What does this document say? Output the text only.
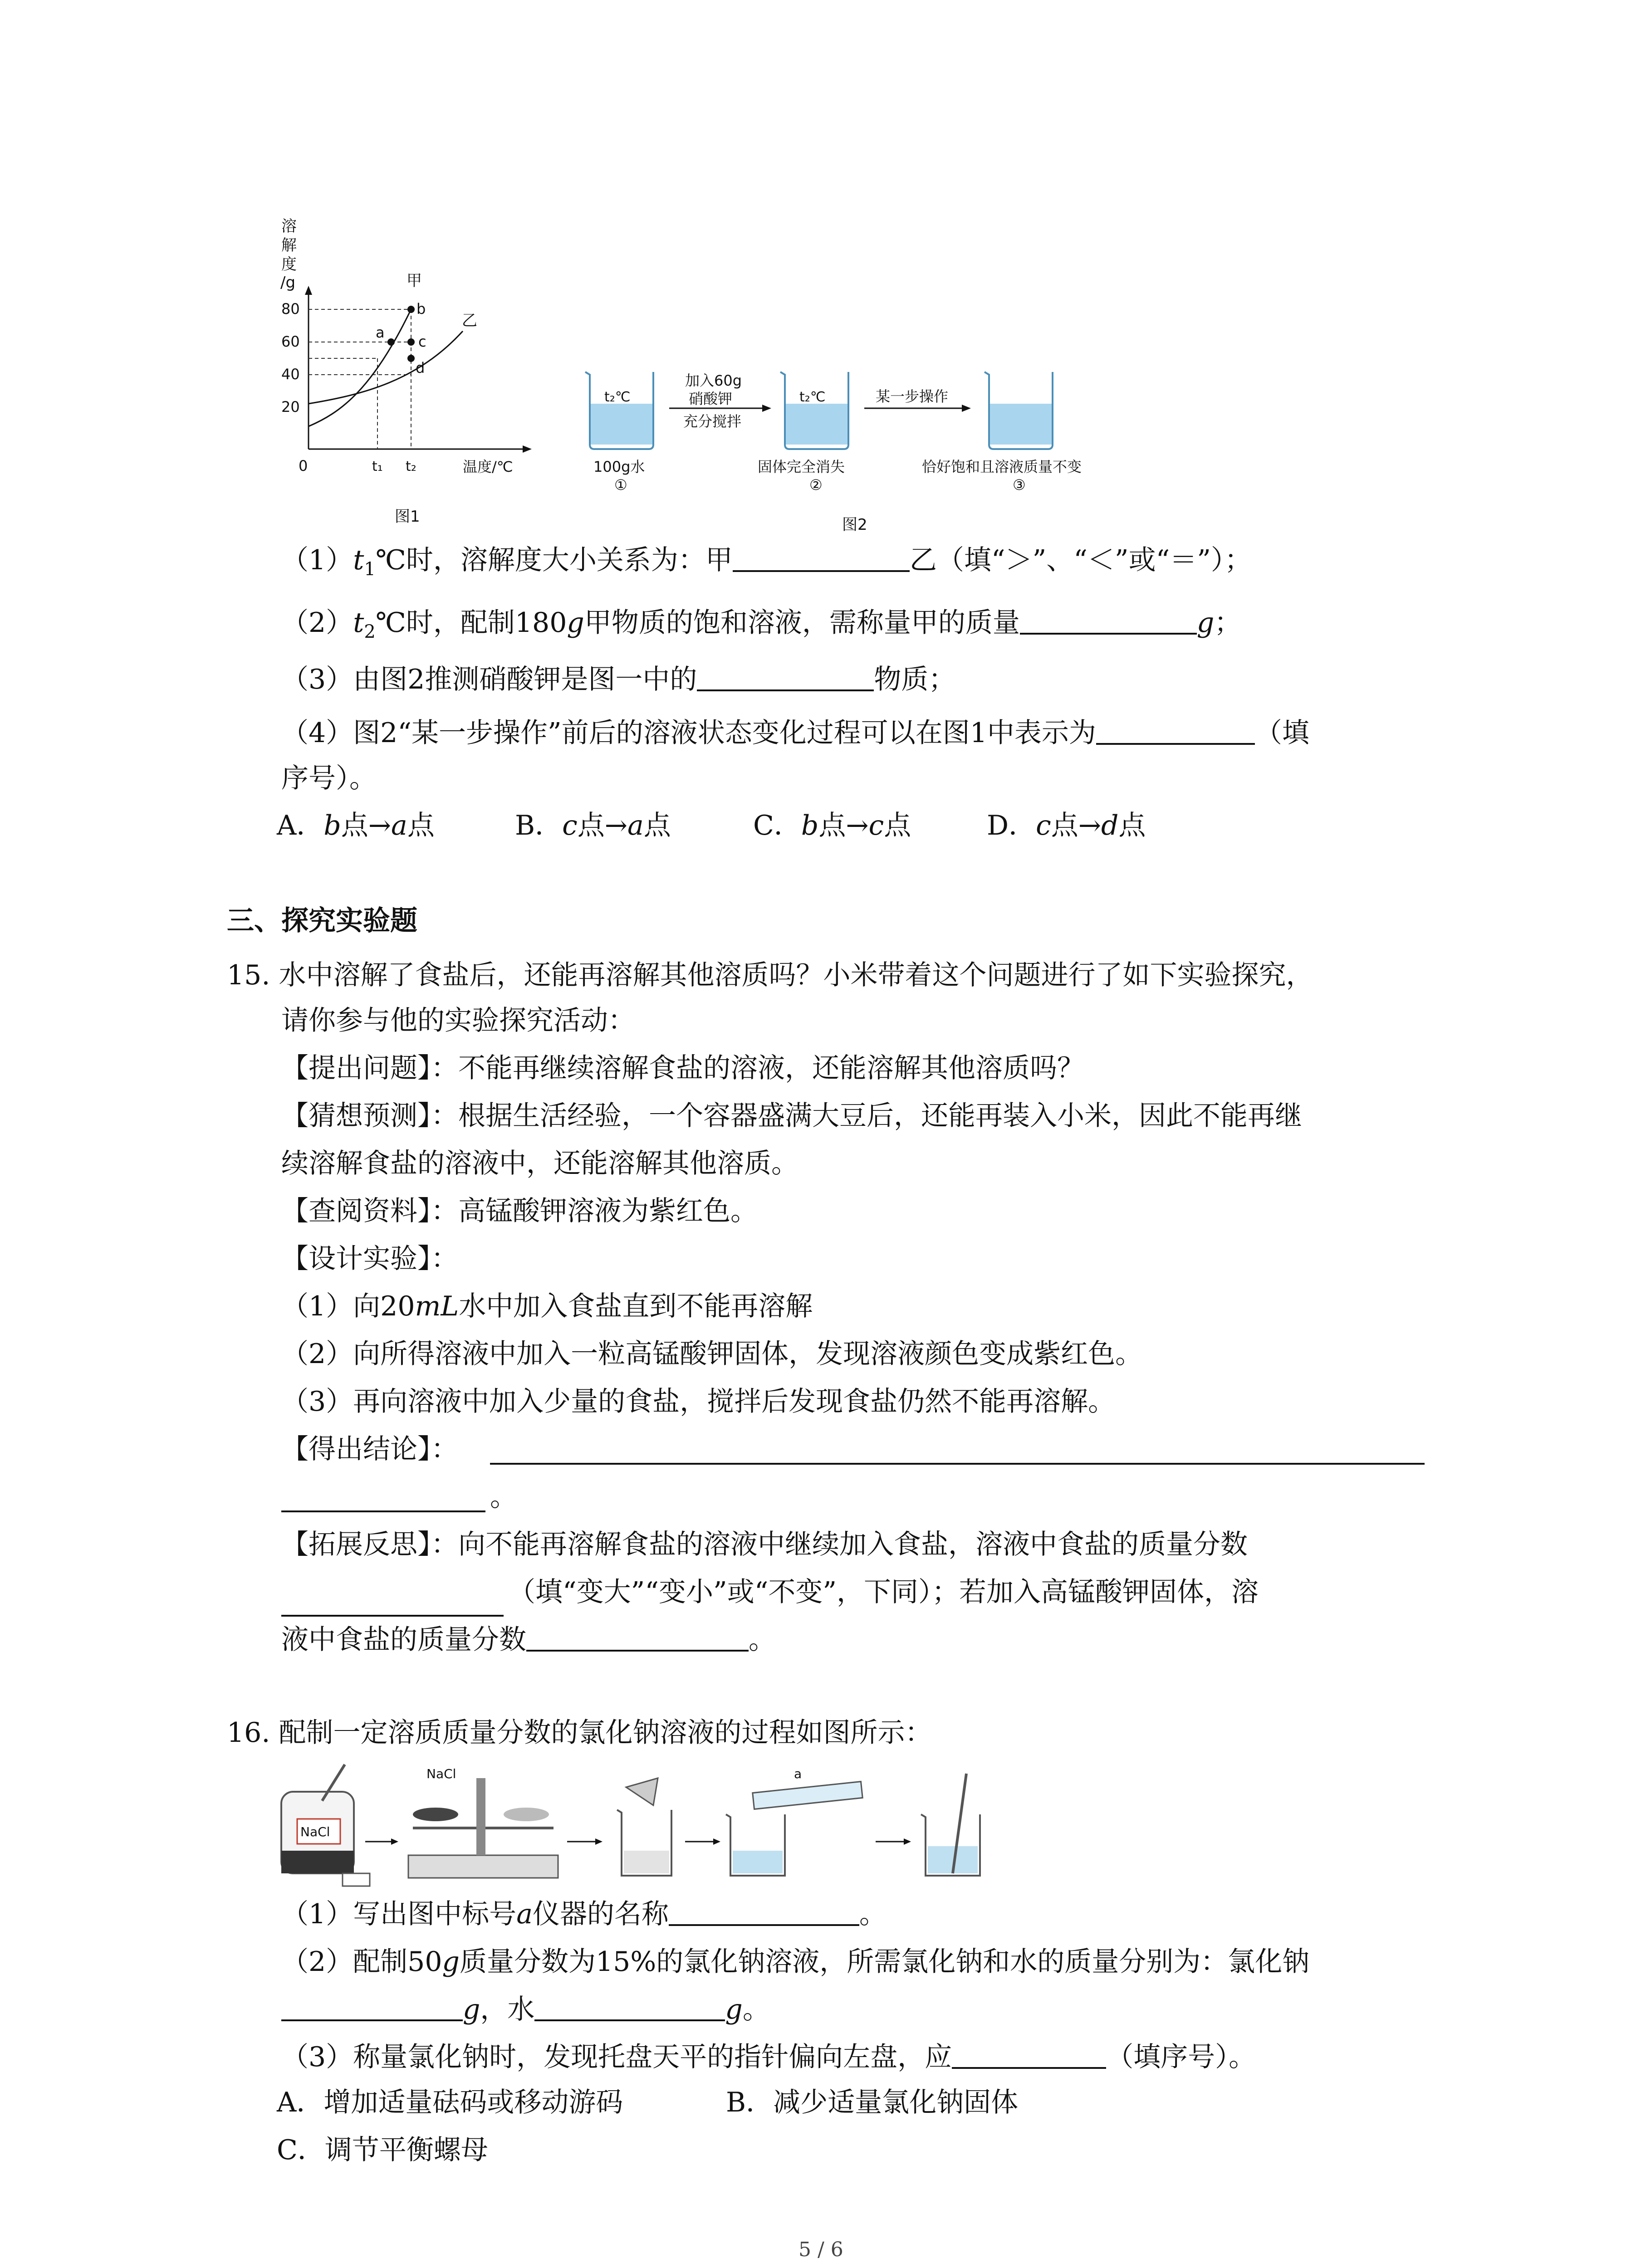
溶
解
度
/g
80
60
40
20
0
甲
乙
a
b
c
d
t₁ t₂	温度/℃
图1
t₂℃
加入60g
硝酸钾
充分搅拌
t₂℃	某一步操作
100g水	固体完全消失	恰好饱和且溶液质量不变
①	②	③
图2
$(1)t_1℃$时，溶解度大小关系为：甲	乙（填“＞”、“＜”或“＝”）；
$(2)t_2℃$时，配制180g甲物质的饱和溶液，需称量甲的质量	g；
（3）由图2推测硝酸钾是图一中的	物质；
（4）图2“某一步操作”前后的溶液状态变化过程可以在图1中表示为	（填
序号）。
A．b点→a点	B．c点→a点	C．b点→c点	D．c点→d点
三、探究实验题
15. 水中溶解了食盐后，还能再溶解其他溶质吗？小米带着这个问题进行了如下实验探究，
请你参与他的实验探究活动：
【提出问题】：不能再继续溶解食盐的溶液，还能溶解其他溶质吗？
【猜想预测】：根据生活经验，一个容器盛满大豆后，还能再装入小米，因此不能再继
续溶解食盐的溶液中，还能溶解其他溶质。
【查阅资料】：高锰酸钾溶液为紫红色。
【设计实验】：
（1）向20mL水中加入食盐直到不能再溶解
（2）向所得溶液中加入一粒高锰酸钾固体，发现溶液颜色变成紫红色。
（3）再向溶液中加入少量的食盐，搅拌后发现食盐仍然不能再溶解。
【得出结论】：
。
【拓展反思】：向不能再溶解食盐的溶液中继续加入食盐，溶液中食盐的质量分数
（填“变大”“变小”或“不变”，下同）；若加入高锰酸钾固体，溶
液中食盐的质量分数	。
16. 配制一定溶质质量分数的氯化钠溶液的过程如图所示：
NaCl
NaCl	a
（1）写出图中标号a仪器的名称	。
（2）配制50g质量分数为15%的氯化钠溶液，所需氯化钠和水的质量分别为：氯化钠
g，水	g。
（3）称量氯化钠时，发现托盘天平的指针偏向左盘，应	（填序号）。
A．增加适量砝码或移动游码	B．减少适量氯化钠固体
C．调节平衡螺母
5 / 6
